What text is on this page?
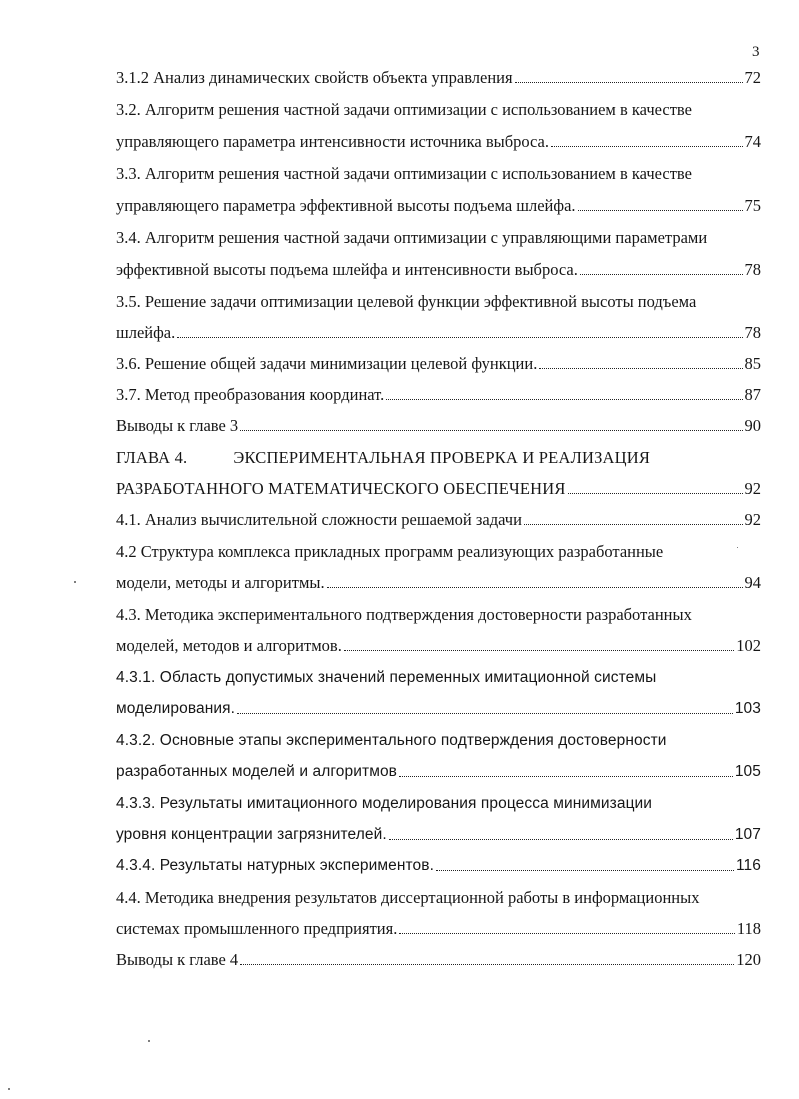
3
3.1.2 Анализ динамических свойств объекта управления	72
3.2. Алгоритм решения частной задачи оптимизации с использованием в качестве
управляющего параметра интенсивности источника выброса.	74
3.3. Алгоритм решения частной задачи оптимизации с использованием в качестве
управляющего параметра эффективной высоты подъема шлейфа.	75
3.4. Алгоритм решения частной задачи оптимизации с управляющими параметрами
эффективной высоты подъема шлейфа и интенсивности выброса.	78
3.5. Решение задачи оптимизации целевой функции эффективной высоты подъема
шлейфа.	78
3.6. Решение общей задачи минимизации целевой функции.	85
3.7. Метод преобразования координат.	87
Выводы к главе 3	90
ГЛАВА 4.	ЭКСПЕРИМЕНТАЛЬНАЯ ПРОВЕРКА И РЕАЛИЗАЦИЯ
РАЗРАБОТАННОГО МАТЕМАТИЧЕСКОГО ОБЕСПЕЧЕНИЯ	92
4.1. Анализ вычислительной сложности решаемой задачи	92
4.2 Структура комплекса прикладных программ реализующих разработанные
модели, методы и алгоритмы.	94
4.3. Методика экспериментального подтверждения достоверности разработанных
моделей, методов и алгоритмов.	102
4.3.1. Область допустимых значений переменных имитационной системы
моделирования.	103
4.3.2. Основные этапы экспериментального подтверждения достоверности
разработанных моделей и алгоритмов	105
4.3.3. Результаты имитационного моделирования процесса минимизации
уровня концентрации загрязнителей.	107
4.3.4. Результаты натурных экспериментов.	116
4.4. Методика внедрения результатов диссертационной работы в информационных
системах промышленного предприятия.	118
Выводы к главе 4	120
